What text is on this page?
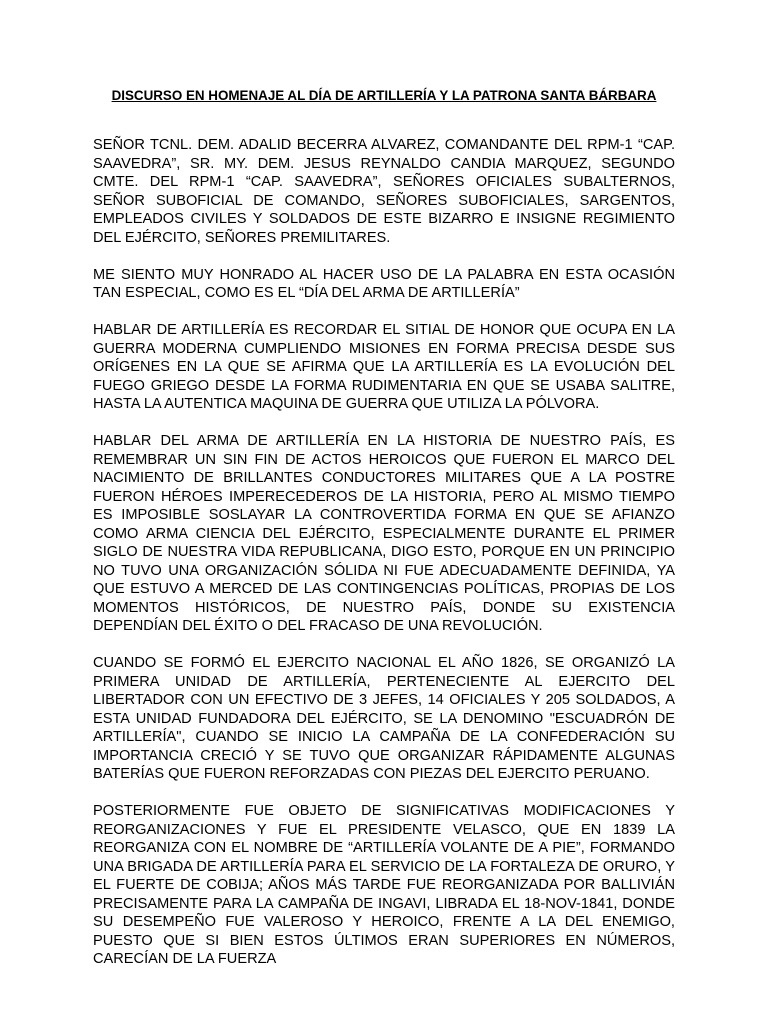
DISCURSO EN HOMENAJE AL DÍA DE ARTILLERÍA Y LA PATRONA SANTA BÁRBARA

SEÑOR TCNL. DEM. ADALID BECERRA ALVAREZ, COMANDANTE DEL RPM-1 “CAP. SAAVEDRA”, SR. MY. DEM. JESUS REYNALDO CANDIA MARQUEZ, SEGUNDO CMTE. DEL RPM-1 “CAP. SAAVEDRA”, SEÑORES OFICIALES SUBALTERNOS, SEÑOR SUBOFICIAL DE COMANDO, SEÑORES SUBOFICIALES, SARGENTOS, EMPLEADOS CIVILES Y SOLDADOS DE ESTE BIZARRO E INSIGNE REGIMIENTO DEL EJÉRCITO, SEÑORES PREMILITARES.

ME SIENTO MUY HONRADO AL HACER USO DE LA PALABRA EN ESTA OCASIÓN TAN ESPECIAL, COMO ES EL “DÍA DEL ARMA DE ARTILLERÍA”

HABLAR DE ARTILLERÍA ES RECORDAR EL SITIAL DE HONOR QUE OCUPA EN LA GUERRA MODERNA CUMPLIENDO MISIONES EN FORMA PRECISA DESDE SUS ORÍGENES EN LA QUE SE AFIRMA QUE LA ARTILLERÍA ES LA EVOLUCIÓN DEL FUEGO GRIEGO DESDE LA FORMA RUDIMENTARIA EN QUE SE USABA SALITRE, HASTA LA AUTENTICA MAQUINA DE GUERRA QUE UTILIZA LA PÓLVORA.

HABLAR DEL ARMA DE ARTILLERÍA EN LA HISTORIA DE NUESTRO PAÍS, ES REMEMBRAR UN SIN FIN DE ACTOS HEROICOS QUE FUERON EL MARCO DEL NACIMIENTO DE BRILLANTES CONDUCTORES MILITARES QUE A LA POSTRE FUERON HÉROES IMPERECEDEROS DE LA HISTORIA, PERO AL MISMO TIEMPO ES IMPOSIBLE SOSLAYAR LA CONTROVERTIDA FORMA EN QUE SE AFIANZO COMO ARMA CIENCIA DEL EJÉRCITO, ESPECIALMENTE DURANTE EL PRIMER SIGLO DE NUESTRA VIDA REPUBLICANA, DIGO ESTO, PORQUE EN UN PRINCIPIO NO TUVO UNA ORGANIZACIÓN SÓLIDA NI FUE ADECUADAMENTE DEFINIDA, YA QUE ESTUVO A MERCED DE LAS CONTINGENCIAS POLÍTICAS, PROPIAS DE LOS MOMENTOS HISTÓRICOS, DE NUESTRO PAÍS, DONDE SU EXISTENCIA DEPENDÍAN DEL ÉXITO O DEL FRACASO DE UNA REVOLUCIÓN.

CUANDO SE FORMÓ EL EJERCITO NACIONAL EL AÑO 1826, SE ORGANIZÓ LA PRIMERA UNIDAD DE ARTILLERÍA, PERTENECIENTE AL EJERCITO DEL LIBERTADOR CON UN EFECTIVO DE 3 JEFES, 14 OFICIALES Y 205 SOLDADOS, A ESTA UNIDAD FUNDADORA DEL EJÉRCITO, SE LA DENOMINO "ESCUADRÓN DE ARTILLERÍA", CUANDO SE INICIO LA CAMPAÑA DE LA CONFEDERACIÓN SU IMPORTANCIA CRECIÓ Y SE TUVO QUE ORGANIZAR RÁPIDAMENTE ALGUNAS BATERÍAS QUE FUERON REFORZADAS CON PIEZAS DEL EJERCITO PERUANO.

POSTERIORMENTE FUE OBJETO DE SIGNIFICATIVAS MODIFICACIONES Y REORGANIZACIONES Y FUE EL PRESIDENTE VELASCO, QUE EN 1839 LA REORGANIZA CON EL NOMBRE DE “ARTILLERÍA VOLANTE DE A PIE”, FORMANDO UNA BRIGADA DE ARTILLERÍA PARA EL SERVICIO DE LA FORTALEZA DE ORURO, Y EL FUERTE DE COBIJA; AÑOS MÁS TARDE FUE REORGANIZADA POR BALLIVIÁN PRECISAMENTE PARA LA CAMPAÑA DE INGAVI, LIBRADA EL 18-NOV-1841, DONDE SU DESEMPEÑO FUE VALEROSO Y HEROICO, FRENTE A LA DEL ENEMIGO, PUESTO QUE SI BIEN ESTOS ÚLTIMOS ERAN SUPERIORES EN NÚMEROS, CARECÍAN DE LA FUERZA
